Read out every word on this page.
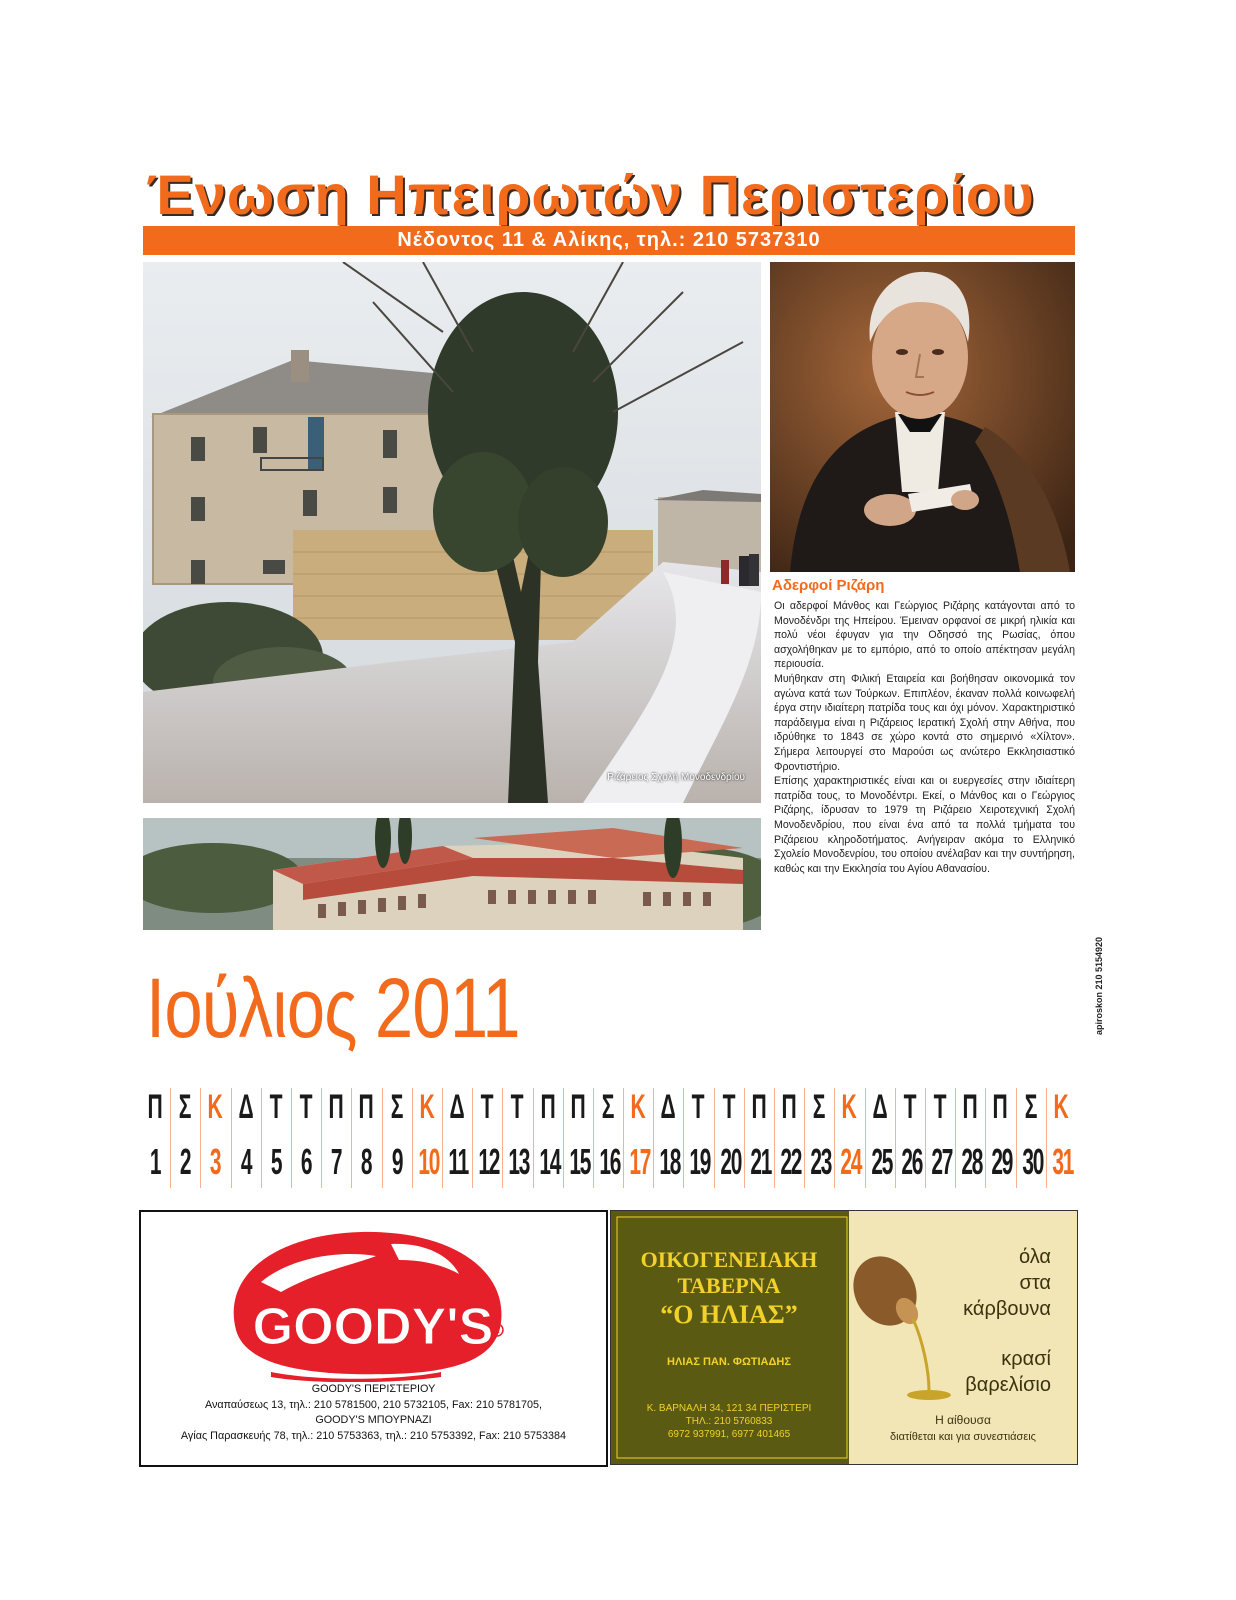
Ένωση Ηπειρωτών Περιστερίου
Νέδοντος 11 & Αλίκης, τηλ.: 210 5737310
Ριζάρειος Σχολή Μονοδενδρίου
Αδερφοί Ριζάρη

Οι αδερφοί Μάνθος και Γεώργιος Ριζάρης κατάγονται από το Μονοδένδρι της Ηπείρου. Έμειναν ορφανοί σε μικρή ηλικία και πολύ νέοι έφυγαν για την Οδησσό της Ρωσίας, όπου ασχολήθηκαν με το εμπόριο, από το οποίο απέκτησαν μεγάλη περιουσία.

Μυήθηκαν στη Φιλική Εταιρεία και βοήθησαν οικονομικά τον αγώνα κατά των Τούρκων. Επιπλέον, έκαναν πολλά κοινωφελή έργα στην ιδιαίτερη πατρίδα τους και όχι μόνον. Χαρακτηριστικό παράδειγμα είναι η Ριζάρειος Ιερατική Σχολή στην Αθήνα, που ιδρύθηκε το 1843 σε χώρο κοντά στο σημερινό «Χίλτον». Σήμερα λειτουργεί στο Μαρούσι ως ανώτερο Εκκλησιαστικό Φροντιστήριο.

Επίσης χαρακτηριστικές είναι και οι ευεργεσίες στην ιδιαίτερη πατρίδα τους, το Μονοδέντρι. Εκεί, ο Μάνθος και ο Γεώργιος Ριζάρης, ίδρυσαν το 1979 τη Ριζάρειο Χειροτεχνική Σχολή Μονοδενδρίου, που είναι ένα από τα πολλά τμήματα του Ριζάρειου κληροδοτήματος. Ανήγειραν ακόμα το Ελληνικό Σχολείο Μονοδενρίου, του οποίου ανέλαβαν και την συντήρηση, καθώς και την Εκκλησία του Αγίου Αθανασίου.

apiroskon 210 5154920
Ιούλιος 2011
Π
1
Σ
2
Κ
3
Δ
4
Τ
5
Τ
6
Π
7
Π
8
Σ
9
Κ
10
Δ
11
Τ
12
Τ
13
Π
14
Π
15
Σ
16
Κ
17
Δ
18
Τ
19
Τ
20
Π
21
Π
22
Σ
23
Κ
24
Δ
25
Τ
26
Τ
27
Π
28
Π
29
Σ
30
Κ
31
GOODY'S R
GOODY'S ΠΕΡΙΣΤΕΡΙΟΥ
Αναπαύσεως 13, τηλ.: 210 5781500, 210 5732105, Fax: 210 5781705,
GOODY'S ΜΠΟΥΡΝΑΖΙ
Αγίας Παρασκευής 78, τηλ.: 210 5753363, τηλ.: 210 5753392, Fax: 210 5753384
ΟΙΚΟΓΕΝΕΙΑΚΗ
ΤΑΒΕΡΝΑ
“Ο ΗΛΙΑΣ”
ΗΛΙΑΣ ΠΑΝ. ΦΩΤΙΑΔΗΣ
Κ. ΒΑΡΝΑΛΗ 34, 121 34 ΠΕΡΙΣΤΕΡΙ
ΤΗΛ.: 210 5760833
6972 937991, 6977 401465
όλα
στα
κάρβουνα
κρασί
βαρελίσιο
Η αίθουσα
διατίθεται και για συνεστιάσεις
